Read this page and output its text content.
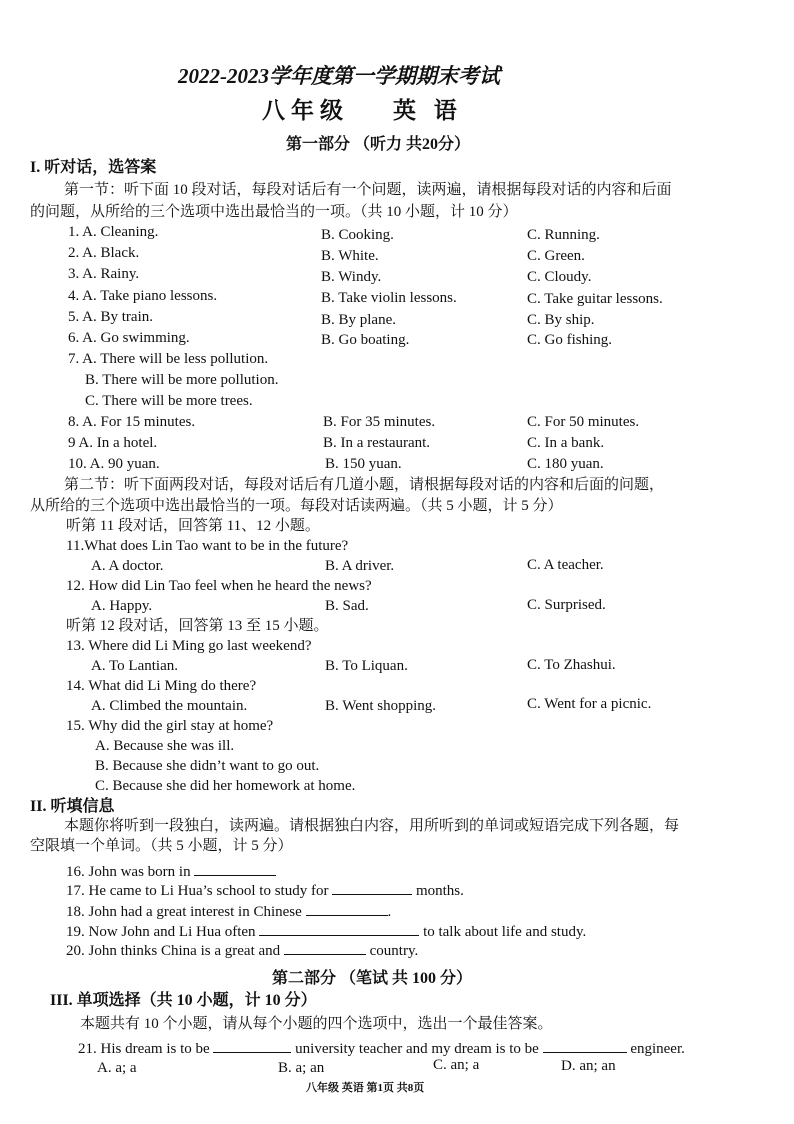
2022-2023学年度第一学期期末考试
八年级 英 语
第一部分 （听力 共20分）
I. 听对话，选答案
第一节：听下面 10 段对话，每段对话后有一个问题，读两遍，请根据每段对话的内容和后面
的问题，从所给的三个选项中选出最恰当的一项。（共 10 小题，计 10 分）
1. A. Cleaning.	B. Cooking.	C. Running.
2. A. Black.	B. White.	C. Green.
3. A. Rainy.	B. Windy.	C. Cloudy.
4. A. Take piano lessons.	B. Take violin lessons.	C. Take guitar lessons.
5. A. By train.	B. By plane.	C. By ship.
6. A. Go swimming.	B. Go boating.	C. Go fishing.
7. A. There will be less pollution.
B. There will be more pollution.
C. There will be more trees.
8. A. For 15 minutes.	B. For 35 minutes.	C. For 50 minutes.
9 A. In a hotel.	B. In a restaurant.	C. In a bank.
10. A. 90 yuan.	B. 150 yuan.	C. 180 yuan.
第二节：听下面两段对话，每段对话后有几道小题，请根据每段对话的内容和后面的问题，
从所给的三个选项中选出最恰当的一项。每段对话读两遍。（共 5 小题，计 5 分）
听第 11 段对话，回答第 11、12 小题。
11.What does Lin Tao want to be in the future?
A. A doctor.	B. A driver.	C. A teacher.
12. How did Lin Tao feel when he heard the news?
A. Happy.	B. Sad.	C. Surprised.
听第 12 段对话，回答第 13 至 15 小题。
13. Where did Li Ming go last weekend?
A. To Lantian.	B. To Liquan.	C. To Zhashui.
14. What did Li Ming do there?
A. Climbed the mountain.	B. Went shopping.	C. Went for a picnic.
15. Why did the girl stay at home?
A. Because she was ill.
B. Because she didn’t want to go out.
C. Because she did her homework at home.
II. 听填信息
本题你将听到一段独白，读两遍。请根据独白内容，用所听到的单词或短语完成下列各题，每
空限填一个单词。（共 5 小题，计 5 分）
16. John was born in
17. He came to Li Hua’s school to study for	months.
18. John had a great interest in Chinese	.
19. Now John and Li Hua often	to talk about life and study.
20. John thinks China is a great and	country.
第二部分 （笔试 共 100 分）
III. 单项选择（共 10 小题，计 10 分）
本题共有 10 个小题，请从每个小题的四个选项中，选出一个最佳答案。
21. His dream is to be	university teacher and my dream is to be	engineer.
A. a; a	B. a; an	C. an; a	D. an; an
八年级 英语 第1页 共8页
